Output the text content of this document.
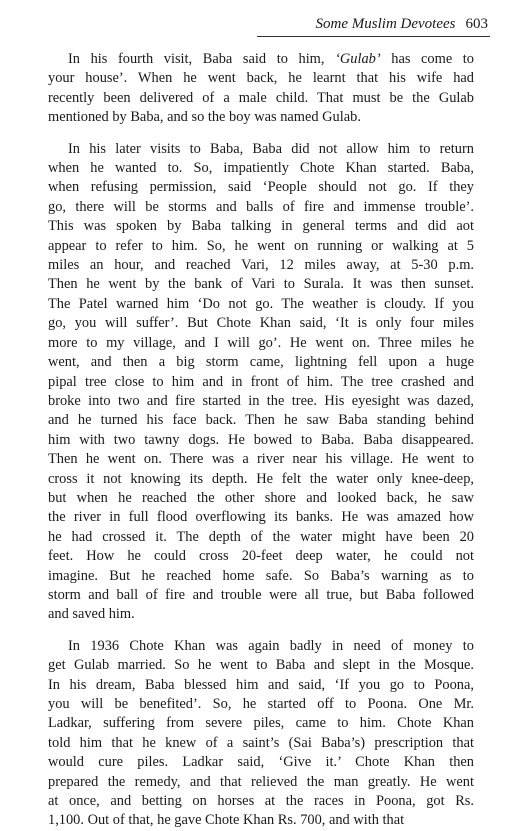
Some Muslim Devotees 603

In his fourth visit, Baba said to him, ‘Gulab’ has come to
your house’. When he went back, he learnt that his wife had
recently been delivered of a male child. That must be the Gulab
mentioned by Baba, and so the boy was named Gulab.

In his later visits to Baba, Baba did not allow him to return
when he wanted to. So, impatiently Chote Khan started. Baba,
when refusing permission, said ‘People should not go. If they
go, there will be storms and balls of fire and immense trouble’.
This was spoken by Baba talking in general terms and did aot
appear to refer to him. So, he went on running or walking at 5
miles an hour, and reached Vari, 12 miles away, at 5-30 p.m.
Then he went by the bank of Vari to Surala. It was then sunset.
The Patel warned him ‘Do not go. The weather is cloudy. If you
go, you will suffer’. But Chote Khan said, ‘It is only four miles
more to my village, and I will go’. He went on. Three miles he
went, and then a big storm came, lightning fell upon a huge
pipal tree close to him and in front of him. The tree crashed and
broke into two and fire started in the tree. His eyesight was dazed,
and he turned his face back. Then he saw Baba standing behind
him with two tawny dogs. He bowed to Baba. Baba disappeared.
Then he went on. There was a river near his village. He went to
cross it not knowing its depth. He felt the water only knee-deep,
but when he reached the other shore and looked back, he saw
the river in full flood overflowing its banks. He was amazed how
he had crossed it. The depth of the water might have been 20
feet. How he could cross 20-feet deep water, he could not
imagine. But he reached home safe. So Baba’s warning as to
storm and ball of fire and trouble were all true, but Baba followed
and saved him.

In 1936 Chote Khan was again badly in need of money to
get Gulab married. So he went to Baba and slept in the Mosque.
In his dream, Baba blessed him and said, ‘If you go to Poona,
you will be benefited’. So, he started off to Poona. One Mr.
Ladkar, suffering from severe piles, came to him. Chote Khan
told him that he knew of a saint’s (Sai Baba’s) prescription that
would cure piles. Ladkar said, ‘Give it.’ Chote Khan then
prepared the remedy, and that relieved the man greatly. He went
at once, and betting on horses at the races in Poona, got Rs.
1,100. Out of that, he gave Chote Khan Rs. 700, and with that
